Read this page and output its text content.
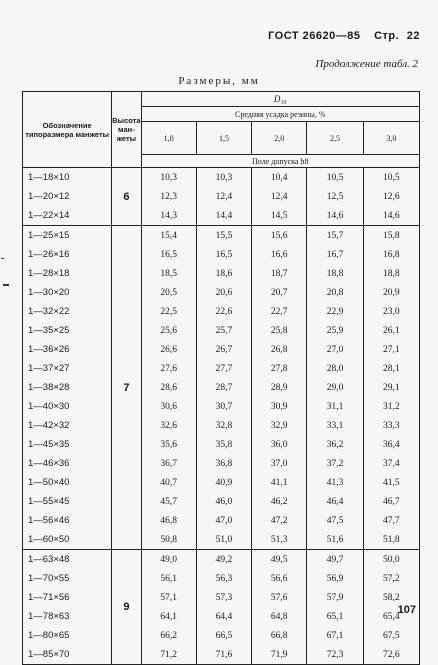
ГОСТ 26620—85 Стр. 22
Продолжение табл. 2
Размеры, мм
Обозначение типоразмера манжеты	Высота ман- жеты	D₁₀				
		Средняя усадка резины, %				
		1,0	1,5	2,0	2,5	3,0
		Поле допуска h8				
1—18×10	6	10,3	10,3	10,4	10,5	10,5
1—20×12		12,3	12,4	12,4	12,5	12,6
1—22×14		14,3	14,4	14,5	14,6	14,6
1—25×15	7	15,4	15,5	15,6	15,7	15,8
1—26×16		16,5	16,5	16,6	16,7	16,8
1—28×18		18,5	18,6	18,7	18,8	18,8
1—30×20		20,5	20,6	20,7	20,8	20,9
1—32×22		22,5	22,6	22,7	22,9	23,0
1—35×25		25,6	25,7	25,8	25,9	26,1
1—36×26		26,6	26,7	26,8	27,0	27,1
1—37×27		27,6	27,7	27,8	28,0	28,1
1—38×28		28,6	28,7	28,9	29,0	29,1
1—40×30		30,6	30,7	30,9	31,1	31,2
1—42×32		32,6	32,8	32,9	33,1	33,3
1—45×35		35,6	35,8	36,0	36,2	36,4
1—46×36		36,7	36,8	37,0	37,2	37,4
1—50×40		40,7	40,9	41,1	41,3	41,5
1—55×45		45,7	46,0	46,2	46,4	46,7
1—56×46		46,8	47,0	47,2	47,5	47,7
1—60×50		50,8	51,0	51,3	51,6	51,8
1—63×48	9	49,0	49,2	49,5	49,7	50,0
1—70×55		56,1	56,3	56,6	56,9	57,2
1—71×56		57,1	57,3	57,6	57,9	58,2
1—78×63		64,1	64,4	64,8	65,1	65,4
1—80×65		66,2	66,5	66,8	67,1	67,5
1—85×70		71,2	71,6	71,9	72,3	72,6
107
